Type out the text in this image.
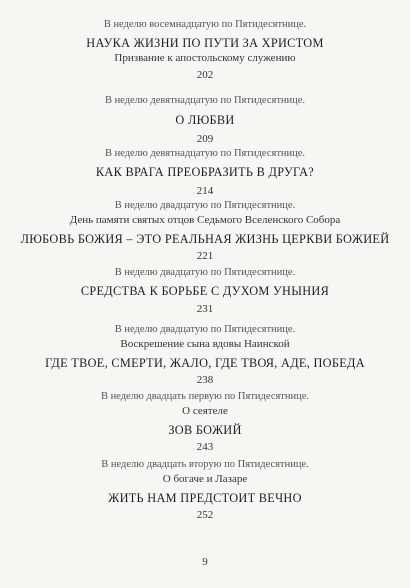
В неделю восемнадцатую по Пятидесятнице.
НАУКА ЖИЗНИ ПО ПУТИ ЗА ХРИСТОМ
Призвание к апостольскому служению
202
В неделю девятнадцатую по Пятидесятнице.
О ЛЮБВИ
209
В неделю девятнадцатую по Пятидесятнице.
КАК ВРАГА ПРЕОБРАЗИТЬ В ДРУГА?
214
В неделю двадцатую по Пятидесятнице.
День памяти святых отцов Седьмого Вселенского Собора
ЛЮБОВЬ БОЖИЯ – ЭТО РЕАЛЬНАЯ ЖИЗНЬ ЦЕРКВИ БОЖИЕЙ
221
В неделю двадцатую по Пятидесятнице.
СРЕДСТВА К БОРЬБЕ С ДУХОМ УНЫНИЯ
231
В неделю двадцатую по Пятидесятнице.
Воскрешение сына вдовы Наинской
ГДЕ ТВОЕ, СМЕРТИ, ЖАЛО, ГДЕ ТВОЯ, АДЕ, ПОБЕДА
238
В неделю двадцать первую по Пятидесятнице.
О сеятеле
ЗОВ БОЖИЙ
243
В неделю двадцать вторую по Пятидесятнице.
О богаче и Лазаре
ЖИТЬ НАМ ПРЕДСТОИТ ВЕЧНО
252
9
